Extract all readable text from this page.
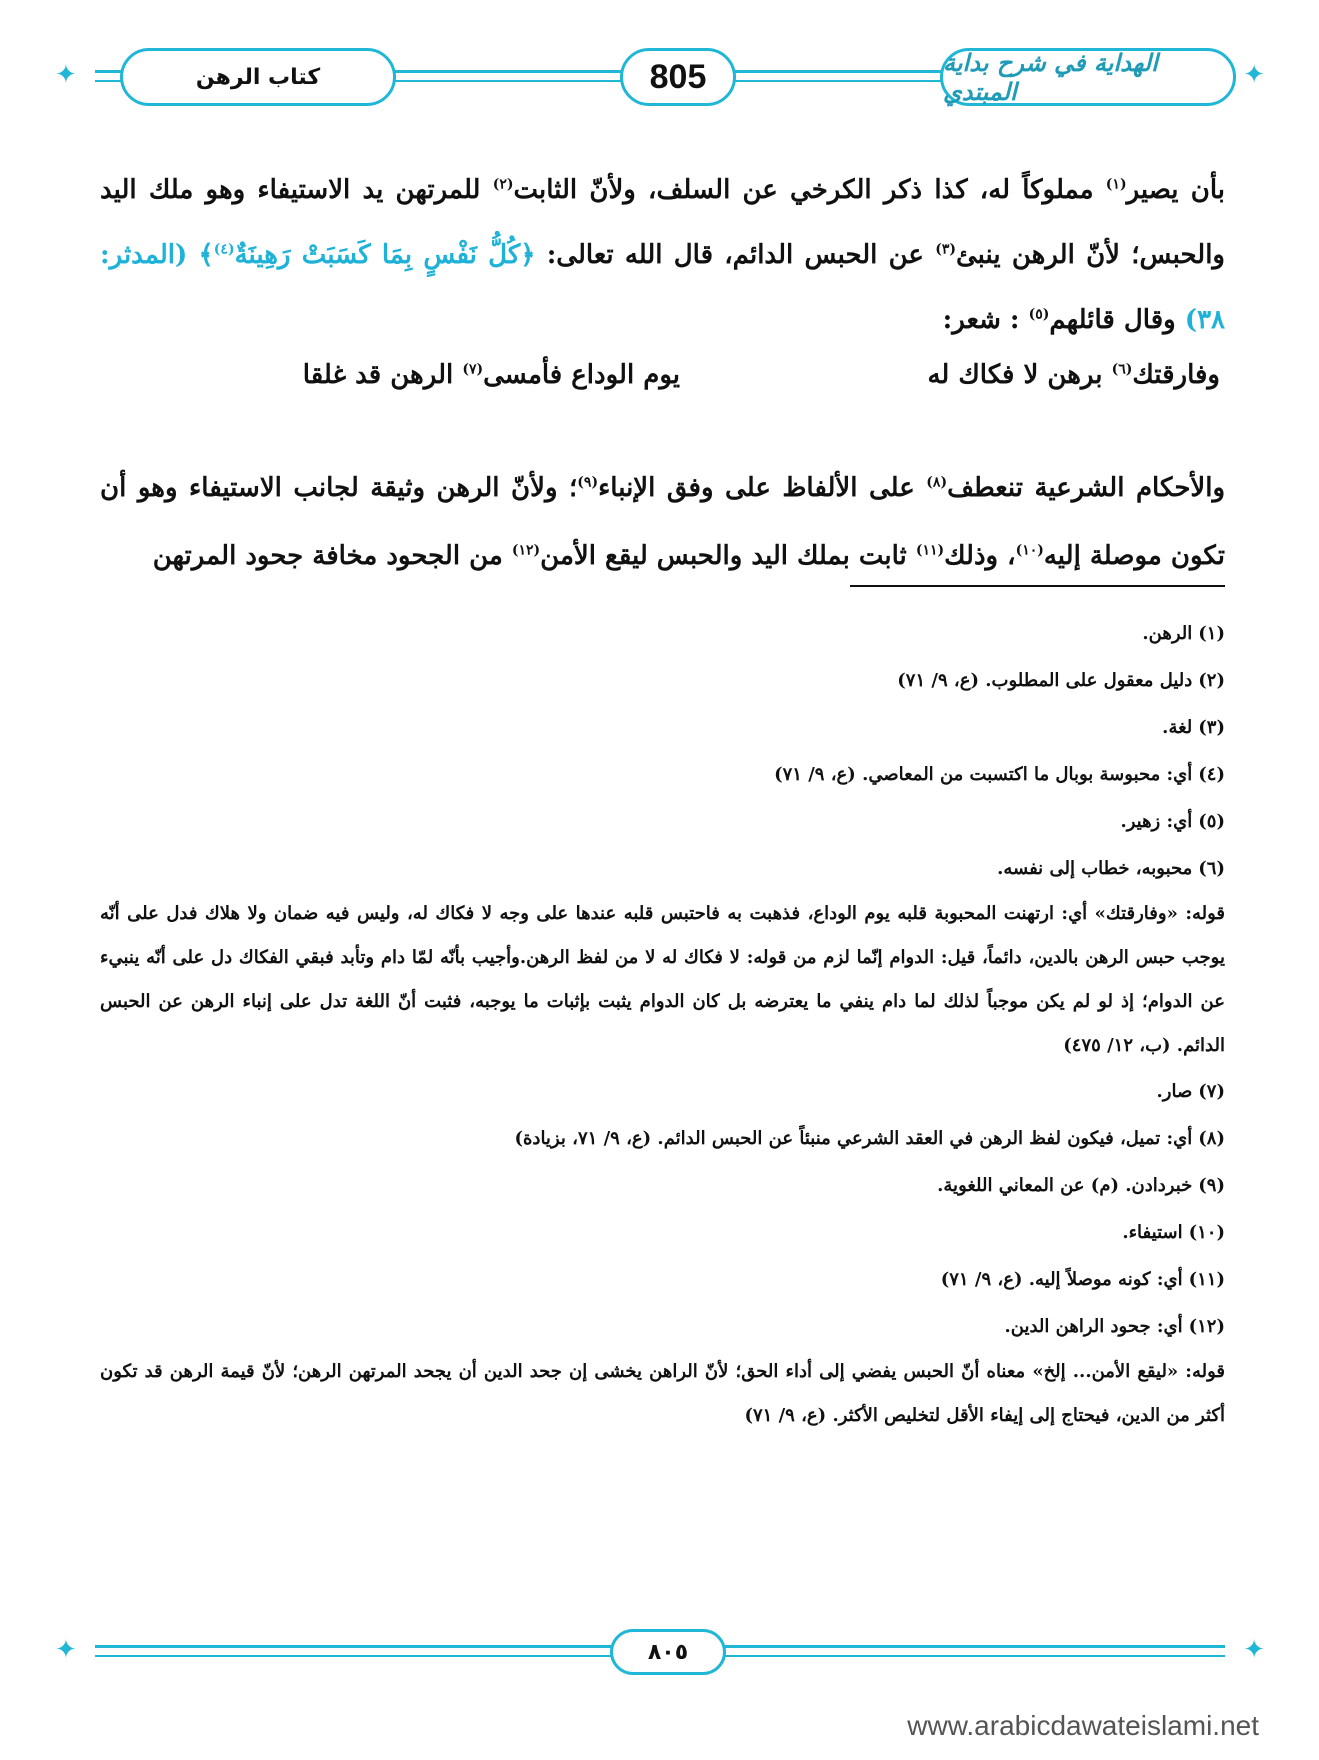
✦	✦
كتاب الرهن	805	الهداية في شرح بداية المبتدي

بأن يصير$^{(١)}$ مملوكاً له، كذا ذكر الكرخي عن السلف، ولأنّ الثابت$^{(٢)}$ للمرتهن يد الاستيفاء وهو ملك اليد والحبس؛ لأنّ الرهن ينبئ$^{(٣)}$ عن الحبس الدائم، قال الله تعالى: ﴿كُلُّ نَفْسٍ بِمَا كَسَبَتْ رَهِينَةٌ$^{(٤)}$﴾ (المدثر: ٣٨) وقال قائلهم$^{(٥)}$ : شعر:

وفارقتك$^{(٦)}$ برهن لا فكاك له
يوم الوداع فأمسى$^{(٧)}$ الرهن قد غلقا

والأحكام الشرعية تنعطف$^{(٨)}$ على الألفاظ على وفق الإنباء$^{(٩)}$؛ ولأنّ الرهن وثيقة لجانب الاستيفاء وهو أن تكون موصلة إليه$^{(١٠)}$، وذلك$^{(١١)}$ ثابت بملك اليد والحبس ليقع الأمن$^{(١٢)}$ من الجحود مخافة جحود المرتهن

(١)الرهن.

(٢)دليل معقول على المطلوب. (ع، ٩/ ٧١)

(٣)لغة.

(٤)أي: محبوسة بوبال ما اكتسبت من المعاصي. (ع، ٩/ ٧١)

(٥)أي: زهير.

(٦)محبوبه، خطاب إلى نفسه.

قوله: «وفارقتك» أي: ارتهنت المحبوبة قلبه يوم الوداع، فذهبت به فاحتبس قلبه عندها على وجه لا فكاك له، وليس فيه ضمان ولا هلاك فدل على أنّه يوجب حبس الرهن بالدين، دائماً، قيل: الدوام إنّما لزم من قوله: لا فكاك له لا من لفظ الرهن.وأجيب بأنّه لمّا دام وتأبد فبقي الفكاك دل على أنّه ينبيء عن الدوام؛ إذ لو لم يكن موجباً لذلك لما دام ينفي ما يعترضه بل كان الدوام يثبت بإثبات ما يوجبه، فثبت أنّ اللغة تدل على إنباء الرهن عن الحبس الدائم. (ب، ١٢/ ٤٧٥)

(٧)صار.

(٨)أي: تميل، فيكون لفظ الرهن في العقد الشرعي منبئاً عن الحبس الدائم. (ع، ٩/ ٧١، بزيادة)

(٩)خبردادن. (م) عن المعاني اللغوية.

(١٠)استيفاء.

(١١)أي: كونه موصلاً إليه. (ع، ٩/ ٧١)

(١٢)أي: جحود الراهن الدين.

قوله: «ليقع الأمن... إلخ» معناه أنّ الحبس يفضي إلى أداء الحق؛ لأنّ الراهن يخشى إن جحد الدين أن يجحد المرتهن الرهن؛ لأنّ قيمة الرهن قد تكون أكثر من الدين، فيحتاج إلى إيفاء الأقل لتخليص الأكثر. (ع، ٩/ ٧١)

✦	✦
٨٠٥
www.arabicdawateislami.net
